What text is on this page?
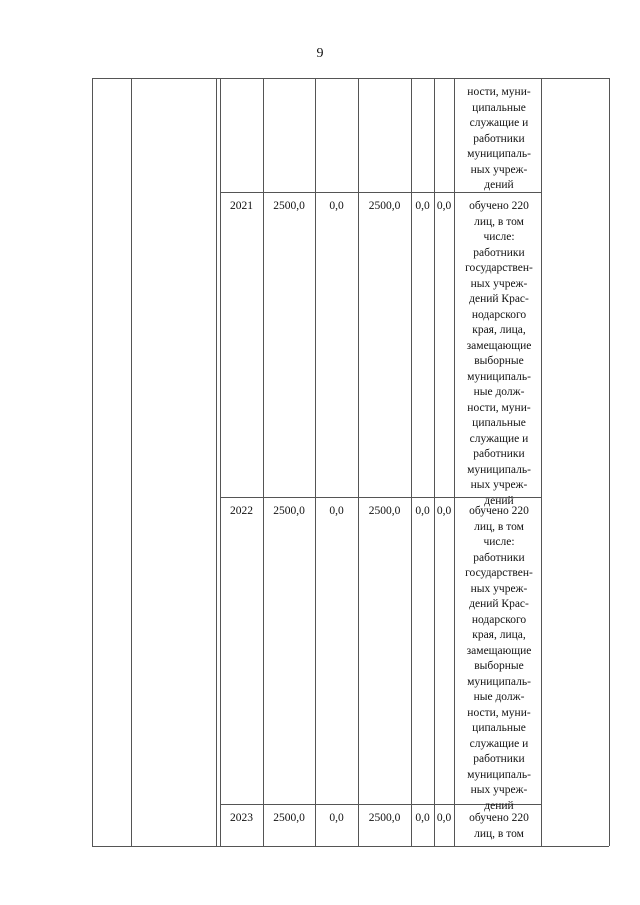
9
ности, муни-
ципальные
служащие и
работники
муниципаль-
ных учреж-
дений
2021	2500,0	0,0	2500,0	0,0 0,0	обучено 220
лиц, в том
числе:
работники
государствен-
ных учреж-
дений Крас-
нодарского
края, лица,
замещающие
выборные
муниципаль-
ные долж-
ности, муни-
ципальные
служащие и
работники
муниципаль-
ных учреж-
дений
2022	2500,0	0,0	2500,0	0,0 0,0	обучено 220
лиц, в том
числе:
работники
государствен-
ных учреж-
дений Крас-
нодарского
края, лица,
замещающие
выборные
муниципаль-
ные долж-
ности, муни-
ципальные
служащие и
работники
муниципаль-
ных учреж-
дений
2023	2500,0	0,0	2500,0	0,0 0,0	обучено 220
лиц, в том
